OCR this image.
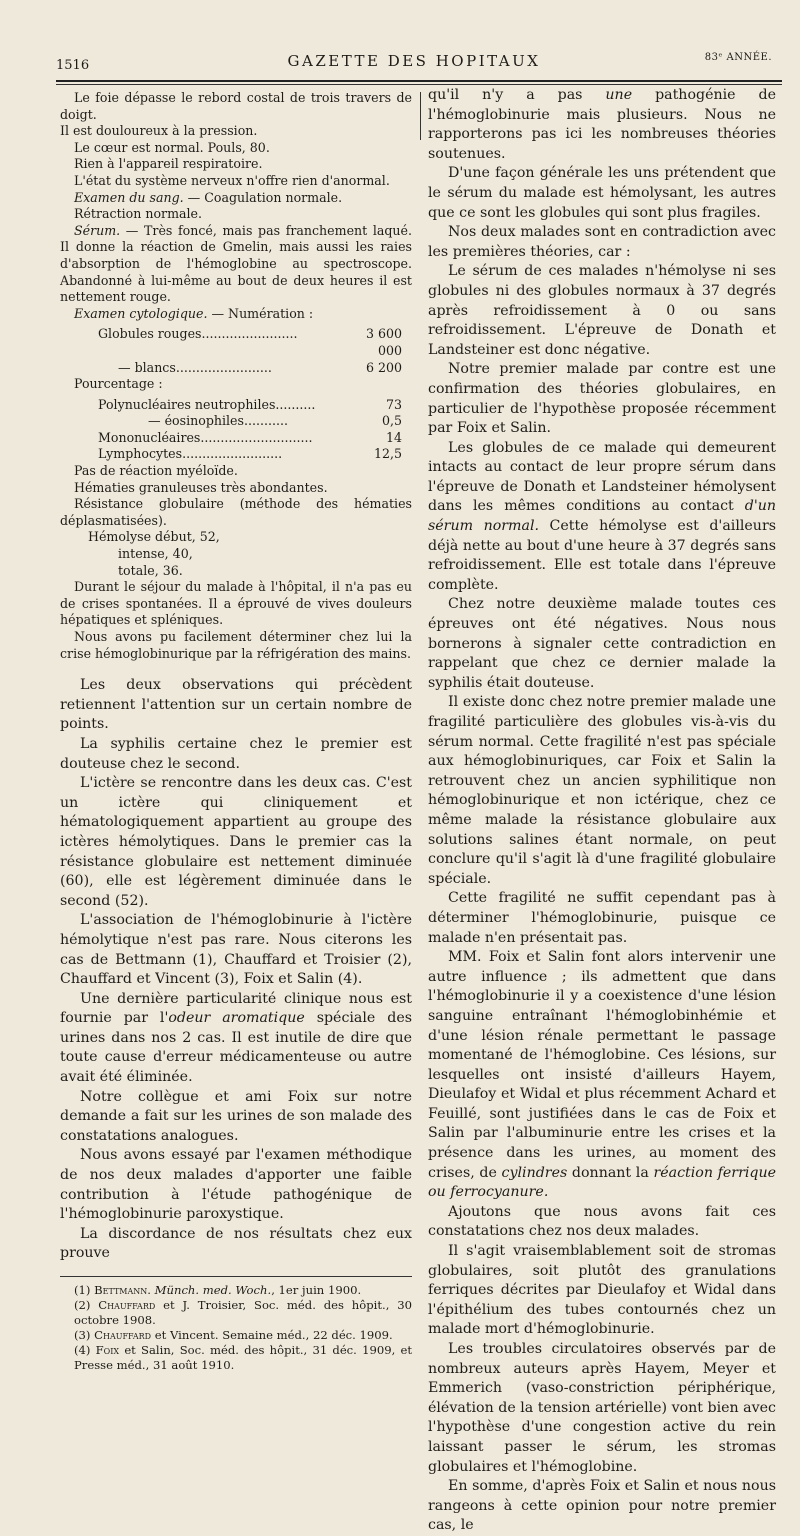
1516	GAZETTE DES HOPITAUX	83ᵉ ANNÉE.

Le foie dépasse le rebord costal de trois travers de doigt.

Il est douloureux à la pression.

Le cœur est normal. Pouls, 80.

Rien à l'appareil respiratoire.

L'état du système nerveux n'offre rien d'anormal.

Examen du sang. — Coagulation normale.

Rétraction normale.

Sérum. — Très foncé, mais pas franchement laqué. Il donne la réaction de Gmelin, mais aussi les raies d'absorption de l'hémoglobine au spectroscope. Abandonné à lui-même au bout de deux heures il est nettement rouge.

Examen cytologique. — Numération :

Globules rouges........................	3 600 000
— blancs........................	6 200

Pourcentage :

Polynucléaires neutrophiles..........	73
— éosinophiles...........	0,5
Mononucléaires............................	14
Lymphocytes.........................	12,5

Pas de réaction myéloïde.

Hématies granuleuses très abondantes.

Résistance globulaire (méthode des hématies déplasmatisées).

Hémolyse début, 52,

intense, 40,

totale, 36.

Durant le séjour du malade à l'hôpital, il n'a pas eu de crises spontanées. Il a éprouvé de vives douleurs hépatiques et spléniques.

Nous avons pu facilement déterminer chez lui la crise hémoglobinurique par la réfrigération des mains.

Les deux observations qui précèdent retiennent l'attention sur un certain nombre de points.

La syphilis certaine chez le premier est douteuse chez le second.

L'ictère se rencontre dans les deux cas. C'est un ictère qui cliniquement et hématologiquement appartient au groupe des ictères hémolytiques. Dans le premier cas la résistance globulaire est nettement diminuée (60), elle est légèrement diminuée dans le second (52).

L'association de l'hémoglobinurie à l'ictère hémolytique n'est pas rare. Nous citerons les cas de Bettmann (1), Chauffard et Troisier (2), Chauffard et Vincent (3), Foix et Salin (4).

Une dernière particularité clinique nous est fournie par l'odeur aromatique spéciale des urines dans nos 2 cas. Il est inutile de dire que toute cause d'erreur médicamenteuse ou autre avait été éliminée.

Notre collègue et ami Foix sur notre demande a fait sur les urines de son malade des constatations analogues.

Nous avons essayé par l'examen méthodique de nos deux malades d'apporter une faible contribution à l'étude pathogénique de l'hémoglobinurie paroxystique.

La discordance de nos résultats chez eux prouve

(1) Bettmann. Münch. med. Woch., 1er juin 1900.

(2) Chauffard et J. Troisier, Soc. méd. des hôpit., 30 octobre 1908.

(3) Chauffard et Vincent. Semaine méd., 22 déc. 1909.

(4) Foix et Salin, Soc. méd. des hôpit., 31 déc. 1909, et Presse méd., 31 août 1910.

qu'il n'y a pas une pathogénie de l'hémoglobinurie mais plusieurs. Nous ne rapporterons pas ici les nombreuses théories soutenues.

D'une façon générale les uns prétendent que le sérum du malade est hémolysant, les autres que ce sont les globules qui sont plus fragiles.

Nos deux malades sont en contradiction avec les premières théories, car :

Le sérum de ces malades n'hémolyse ni ses globules ni des globules normaux à 37 degrés après refroidissement à 0 ou sans refroidissement. L'épreuve de Donath et Landsteiner est donc négative.

Notre premier malade par contre est une confirmation des théories globulaires, en particulier de l'hypothèse proposée récemment par Foix et Salin.

Les globules de ce malade qui demeurent intacts au contact de leur propre sérum dans l'épreuve de Donath et Landsteiner hémolysent dans les mêmes conditions au contact d'un sérum normal. Cette hémolyse est d'ailleurs déjà nette au bout d'une heure à 37 degrés sans refroidissement. Elle est totale dans l'épreuve complète.

Chez notre deuxième malade toutes ces épreuves ont été négatives. Nous nous bornerons à signaler cette contradiction en rappelant que chez ce dernier malade la syphilis était douteuse.

Il existe donc chez notre premier malade une fragilité particulière des globules vis-à-vis du sérum normal. Cette fragilité n'est pas spéciale aux hémoglobinuriques, car Foix et Salin la retrouvent chez un ancien syphilitique non hémoglobinurique et non ictérique, chez ce même malade la résistance globulaire aux solutions salines étant normale, on peut conclure qu'il s'agit là d'une fragilité globulaire spéciale.

Cette fragilité ne suffit cependant pas à déterminer l'hémoglobinurie, puisque ce malade n'en présentait pas.

MM. Foix et Salin font alors intervenir une autre influence ; ils admettent que dans l'hémoglobinurie il y a coexistence d'une lésion sanguine entraînant l'hémoglobinhémie et d'une lésion rénale permettant le passage momentané de l'hémoglobine. Ces lésions, sur lesquelles ont insisté d'ailleurs Hayem, Dieulafoy et Widal et plus récemment Achard et Feuillé, sont justifiées dans le cas de Foix et Salin par l'albuminurie entre les crises et la présence dans les urines, au moment des crises, de cylindres donnant la réaction ferrique ou ferrocyanure.

Ajoutons que nous avons fait ces constatations chez nos deux malades.

Il s'agit vraisemblablement soit de stromas globulaires, soit plutôt des granulations ferriques décrites par Dieulafoy et Widal dans l'épithélium des tubes contournés chez un malade mort d'hémoglobinurie.

Les troubles circulatoires observés par de nombreux auteurs après Hayem, Meyer et Emmerich (vaso-constriction périphérique, élévation de la tension artérielle) vont bien avec l'hypothèse d'une congestion active du rein laissant passer le sérum, les stromas globulaires et l'hémoglobine.

En somme, d'après Foix et Salin et nous nous rangeons à cette opinion pour notre premier cas, le
